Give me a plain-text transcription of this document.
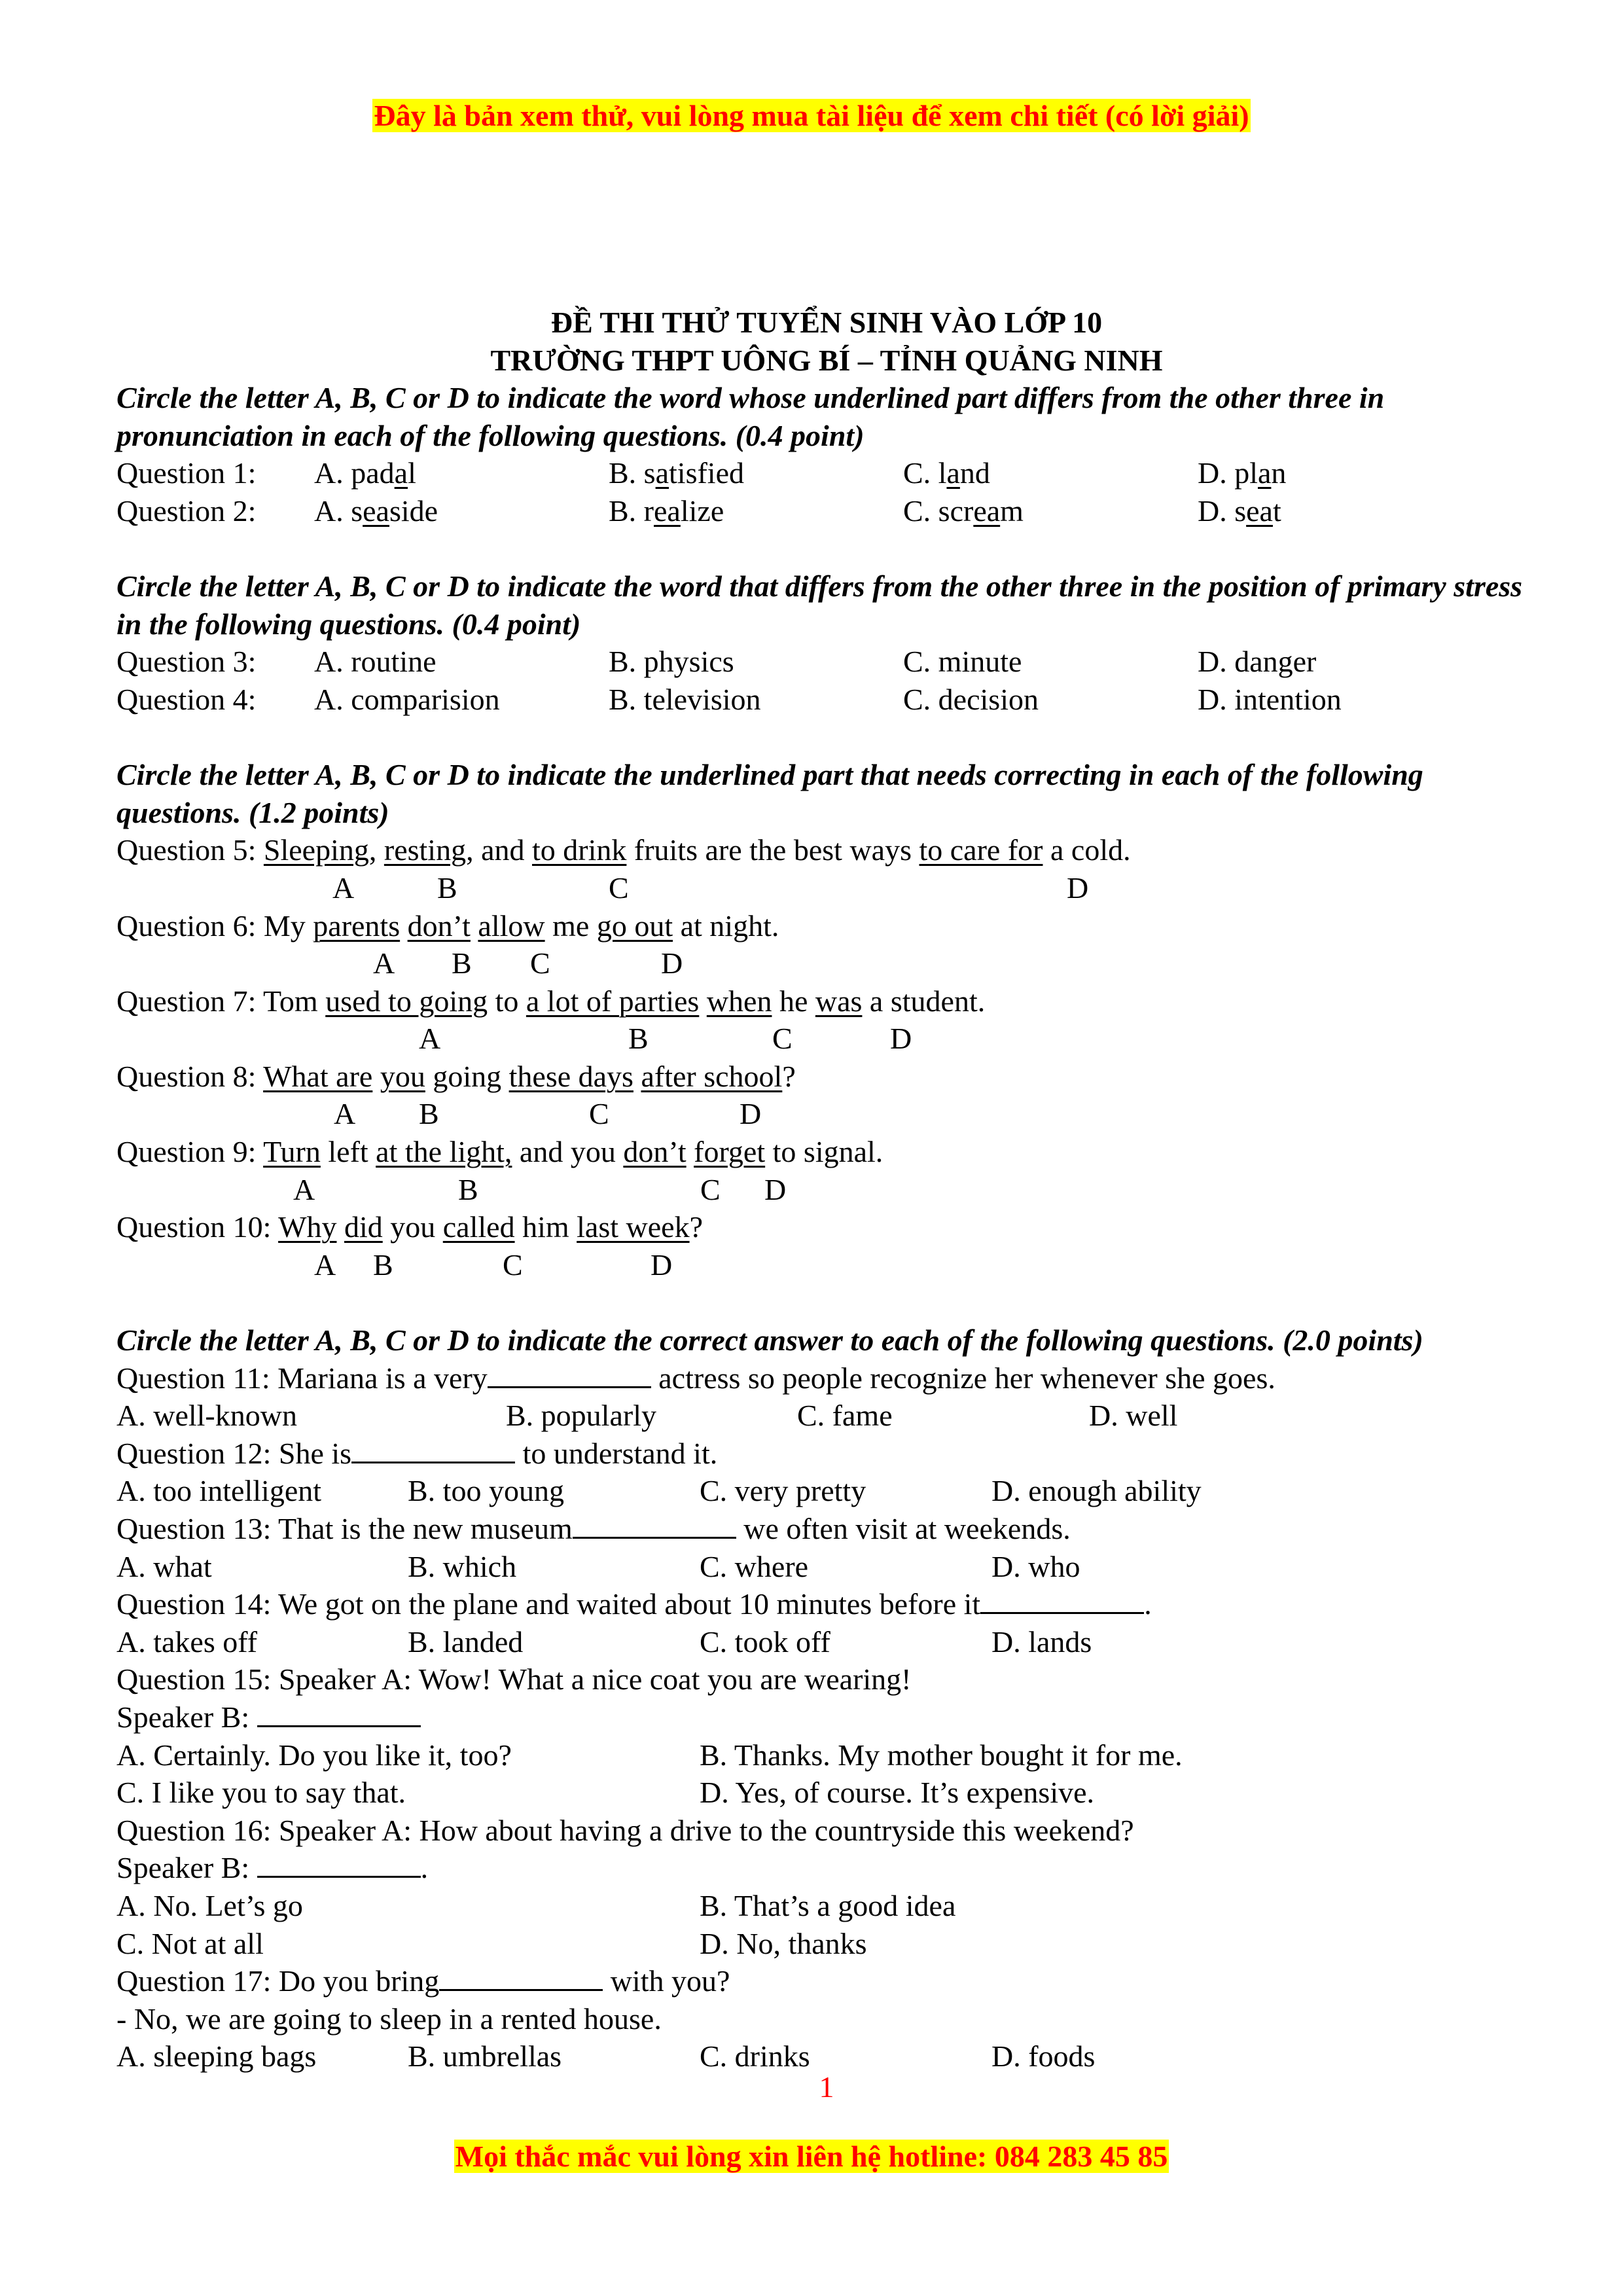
Đây là bản xem thử, vui lòng mua tài liệu để xem chi tiết (có lời giải)
ĐỀ THI THỬ TUYỂN SINH VÀO LỚP 10
TRƯỜNG THPT UÔNG BÍ – TỈNH QUẢNG NINH
Circle the letter A, B, C or D to indicate the word whose underlined part differs from the other three in pronunciation in each of the following questions. (0.4 point)
Question 1: A. padal	B. satisfied	C. land	D. plan
Question 2: A. seaside	B. realize	C. scream	D. seat
Circle the letter A, B, C or D to indicate the word that differs from the other three in the position of primary stress in the following questions. (0.4 point)
Question 3: A. routine	B. physics	C. minute	D. danger
Question 4: A. comparision	B. television	C. decision	D. intention
Circle the letter A, B, C or D to indicate the underlined part that needs correcting in each of the following questions. (1.2 points)
Question 5: Sleeping, resting, and to drink fruits are the best ways to care for a cold.
A	B	C	D
Question 6: My parents don’t allow me go out at night.
A B C	D
Question 7: Tom used to going to a lot of parties when he was a student.
A	B	C	D
Question 8: What are you going these days after school?
A B	C	D
Question 9: Turn left at the light, and you don’t forget to signal.
A	B	C D
Question 10: Why did you called him last week?
A B	C	D
Circle the letter A, B, C or D to indicate the correct answer to each of the following questions. (2.0 points)
Question 11: Mariana is a very	actress so people recognize her whenever she goes.
A. well-known	B. popularly	C. fame	D. well
Question 12: She is	to understand it.
A. too intelligent	B. too young	C. very pretty	D. enough ability
Question 13: That is the new museum	we often visit at weekends.
A. what	B. which	C. where	D. who
Question 14: We got on the plane and waited about 10 minutes before it	.
A. takes off	B. landed	C. took off	D. lands
Question 15: Speaker A: Wow! What a nice coat you are wearing!
Speaker B:
A. Certainly. Do you like it, too?	B. Thanks. My mother bought it for me.
C. I like you to say that.	D. Yes, of course. It’s expensive.
Question 16: Speaker A: How about having a drive to the countryside this weekend?
Speaker B:	.
A. No. Let’s go	B. That’s a good idea
C. Not at all	D. No, thanks
Question 17: Do you bring	with you?
- No, we are going to sleep in a rented house.
A. sleeping bags	B. umbrellas	C. drinks	D. foods
1
Mọi thắc mắc vui lòng xin liên hệ hotline: 084 283 45 85
